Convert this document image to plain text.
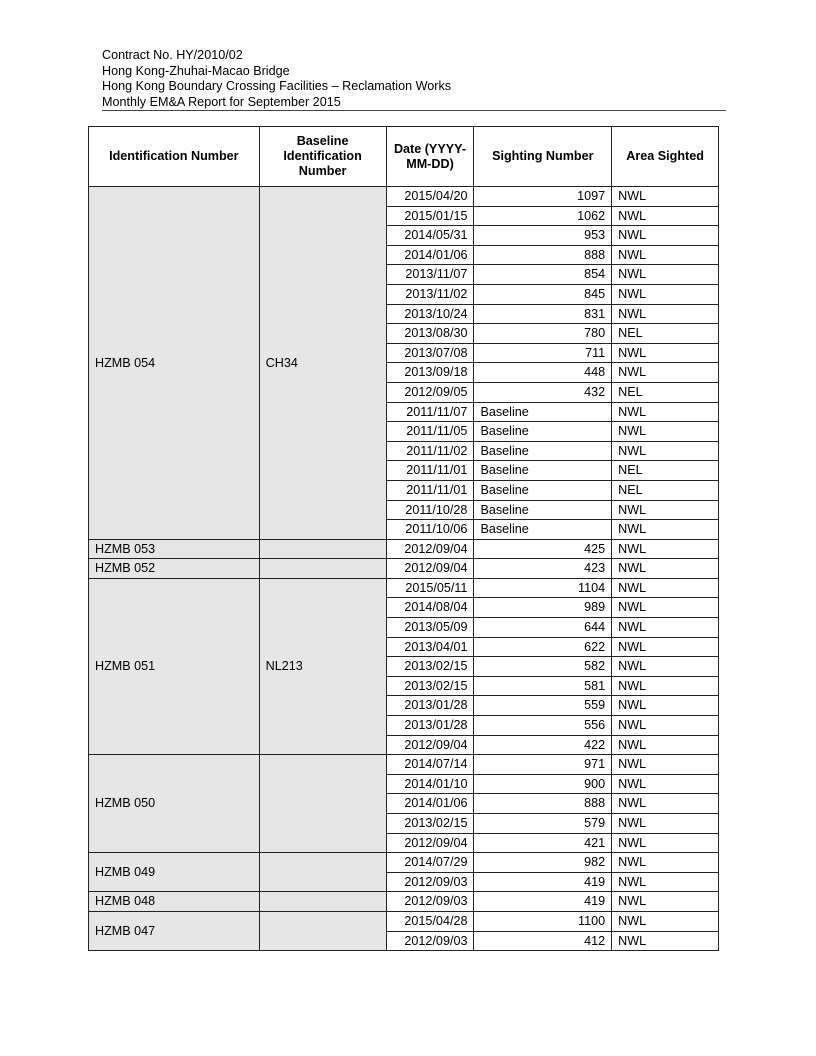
Contract No. HY/2010/02
Hong Kong-Zhuhai-Macao Bridge
Hong Kong Boundary Crossing Facilities – Reclamation Works
Monthly EM&A Report for September 2015
Identification Number	Baseline Identification Number	Date (YYYY-MM-DD)	Sighting Number	Area Sighted
HZMB 054	CH34	2015/04/20	1097	NWL
		2015/01/15	1062	NWL
		2014/05/31	953	NWL
		2014/01/06	888	NWL
		2013/11/07	854	NWL
		2013/11/02	845	NWL
		2013/10/24	831	NWL
		2013/08/30	780	NEL
		2013/07/08	711	NWL
		2013/09/18	448	NWL
		2012/09/05	432	NEL
		2011/11/07	Baseline	NWL
		2011/11/05	Baseline	NWL
		2011/11/02	Baseline	NWL
		2011/11/01	Baseline	NEL
		2011/11/01	Baseline	NEL
		2011/10/28	Baseline	NWL
		2011/10/06	Baseline	NWL
HZMB 053		2012/09/04	425	NWL
HZMB 052		2012/09/04	423	NWL
HZMB 051	NL213	2015/05/11	1104	NWL
		2014/08/04	989	NWL
		2013/05/09	644	NWL
		2013/04/01	622	NWL
		2013/02/15	582	NWL
		2013/02/15	581	NWL
		2013/01/28	559	NWL
		2013/01/28	556	NWL
		2012/09/04	422	NWL
HZMB 050		2014/07/14	971	NWL
		2014/01/10	900	NWL
		2014/01/06	888	NWL
		2013/02/15	579	NWL
		2012/09/04	421	NWL
HZMB 049		2014/07/29	982	NWL
		2012/09/03	419	NWL
HZMB 048		2012/09/03	419	NWL
HZMB 047		2015/04/28	1100	NWL
		2012/09/03	412	NWL
